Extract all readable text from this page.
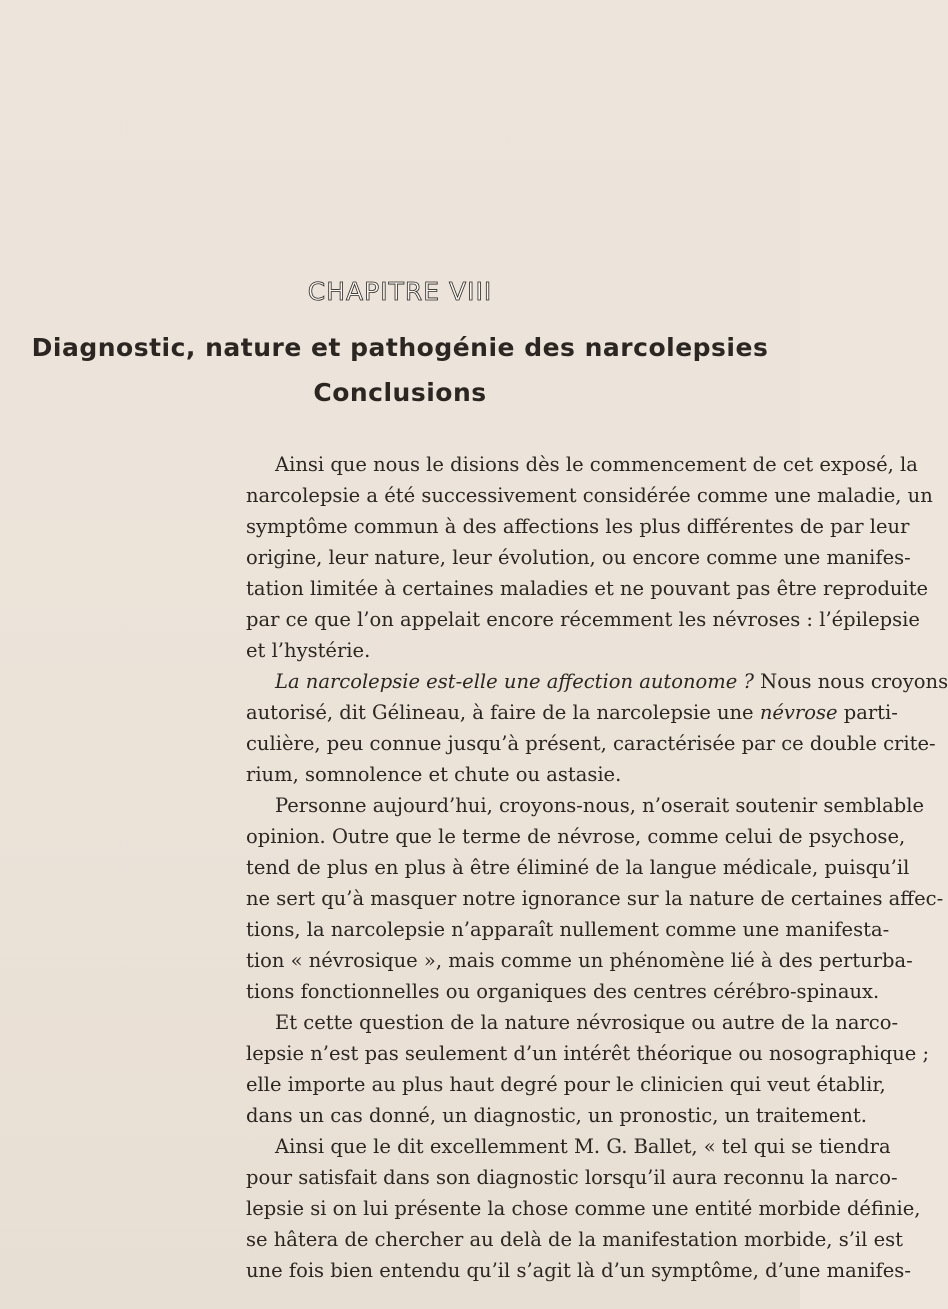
CHAPITRE VIII
Diagnostic, nature et pathogénie des narcolepsies
Conclusions
Ainsi que nous le disions dès le commencement de cet exposé, la
narcolepsie a été successivement considérée comme une maladie, un
symptôme commun à des affections les plus différentes de par leur
origine, leur nature, leur évolution, ou encore comme une manifes-
tation limitée à certaines maladies et ne pouvant pas être reproduite
par ce que l’on appelait encore récemment les névroses : l’épilepsie
et l’hystérie.
La narcolepsie est-elle une affection autonome ? Nous nous croyons
autorisé, dit Gélineau, à faire de la narcolepsie une névrose parti-
culière, peu connue jusqu’à présent, caractérisée par ce double crite-
rium, somnolence et chute ou astasie.
Personne aujourd’hui, croyons-nous, n’oserait soutenir semblable
opinion. Outre que le terme de névrose, comme celui de psychose,
tend de plus en plus à être éliminé de la langue médicale, puisqu’il
ne sert qu’à masquer notre ignorance sur la nature de certaines affec-
tions, la narcolepsie n’apparaît nullement comme une manifesta-
tion « névrosique », mais comme un phénomène lié à des perturba-
tions fonctionnelles ou organiques des centres cérébro-spinaux.
Et cette question de la nature névrosique ou autre de la narco-
lepsie n’est pas seulement d’un intérêt théorique ou nosographique ;
elle importe au plus haut degré pour le clinicien qui veut établir,
dans un cas donné, un diagnostic, un pronostic, un traitement.
Ainsi que le dit excellemment M. G. Ballet, « tel qui se tiendra
pour satisfait dans son diagnostic lorsqu’il aura reconnu la narco-
lepsie si on lui présente la chose comme une entité morbide définie,
se hâtera de chercher au delà de la manifestation morbide, s’il est
une fois bien entendu qu’il s’agit là d’un symptôme, d’une manifes-
